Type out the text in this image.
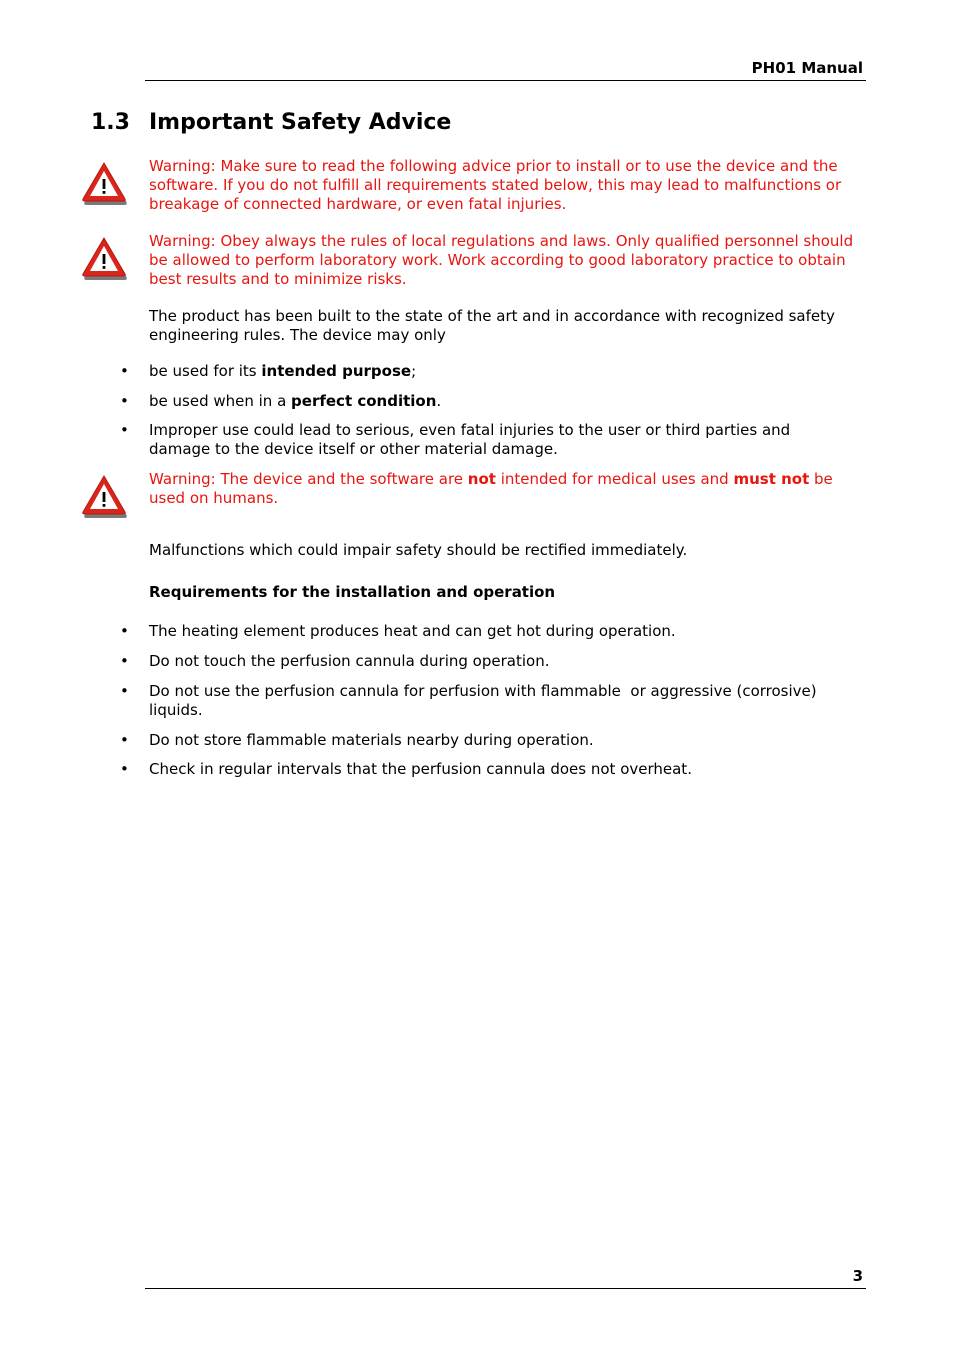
PH01 Manual
1.3 Important Safety Advice
Warning: Make sure to read the following advice prior to install or to use the device and the software. If you do not fulfill all requirements stated below, this may lead to malfunctions or breakage of connected hardware, or even fatal injuries.
Warning: Obey always the rules of local regulations and laws. Only qualified personnel should be allowed to perform laboratory work. Work according to good laboratory practice to obtain best results and to minimize risks.
The product has been built to the state of the art and in accordance with recognized safety engineering rules. The device may only
•	be used for its intended purpose;
•	be used when in a perfect condition.
•	Improper use could lead to serious, even fatal injuries to the user or third parties and damage to the device itself or other material damage.
Warning: The device and the software are not intended for medical uses and must not be used on humans.
Malfunctions which could impair safety should be rectified immediately.
Requirements for the installation and operation
•	The heating element produces heat and can get hot during operation.
•	Do not touch the perfusion cannula during operation.
•	Do not use the perfusion cannula for perfusion with flammable  or aggressive (corrosive) liquids.
•	Do not store flammable materials nearby during operation.
•	Check in regular intervals that the perfusion cannula does not overheat.
3
